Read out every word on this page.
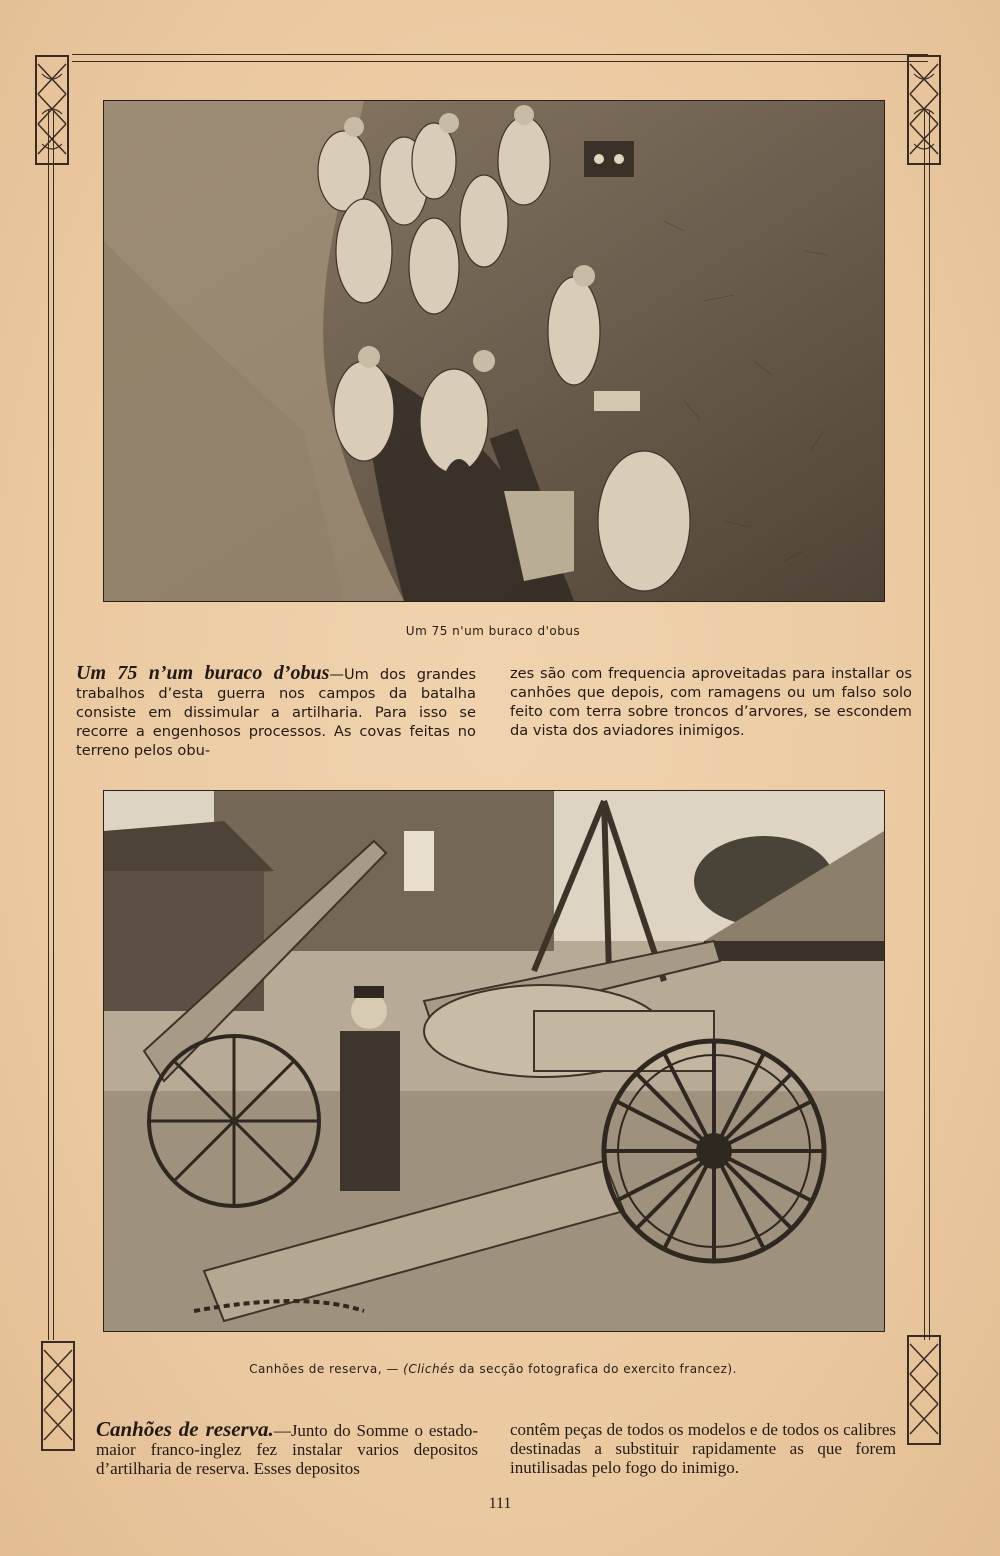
Um 75 n'um buraco d'obus
Um 75 n’um buraco d’obus—Um dos grandes trabalhos d’esta guerra nos campos da batalha consiste em dissimular a artilharia. Para isso se recorre a engenhosos processos. As covas feitas no terreno pelos obu-
zes são com frequencia aproveitadas para installar os canhões que depois, com ramagens ou um falso solo feito com terra sobre troncos d’arvores, se escondem da vista dos aviadores inimigos.
Canhões de reserva, — (Clichés da secção fotografica do exercito francez).
Canhões de reserva.—Junto do Somme o estado-maior franco-inglez fez instalar varios depositos d’artilharia de reserva. Esses depositos
contêm peças de todos os modelos e de todos os calibres destinadas a substituir rapidamente as que forem inutilisadas pelo fogo do inimigo.
111
